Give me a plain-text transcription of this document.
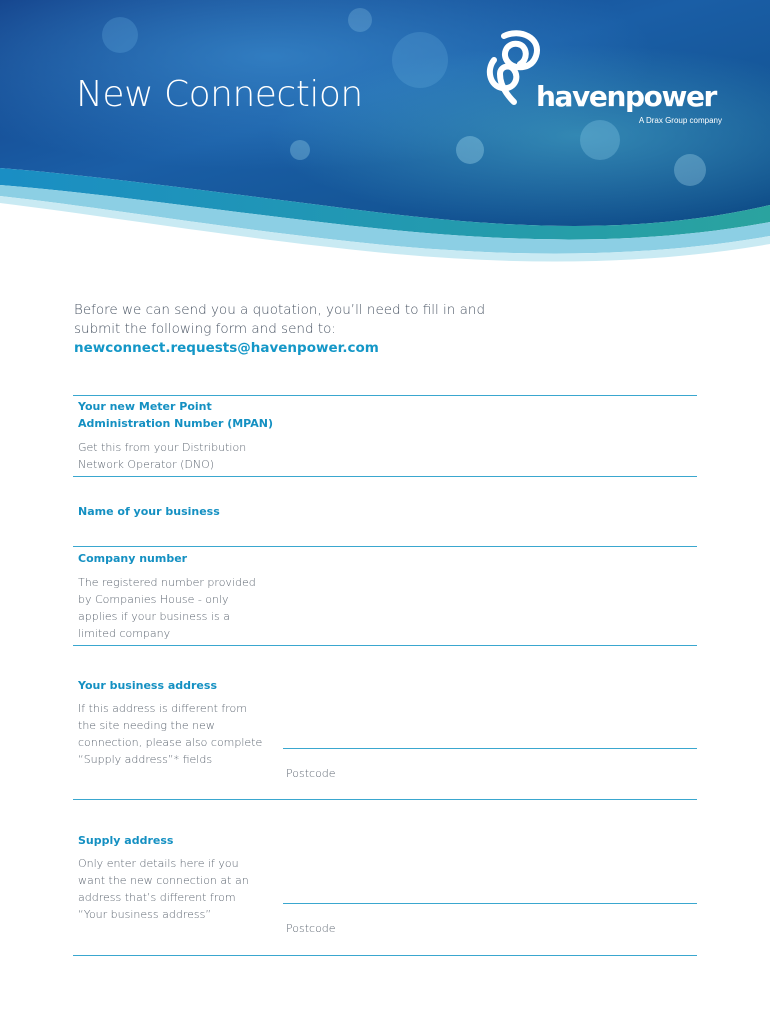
New Connection	havenpower
A Drax Group company

Before we can send you a quotation, you’ll need to fill in and

submit the following form and send to:

newconnect.requests@havenpower.com

Your new Meter Point Administration Number (MPAN)
Get this from your Distribution Network Operator (DNO)
Name of your business
Company number
The registered number provided by Companies House - only applies if your business is a limited company
Your business address
If this address is different from the site needing the new connection, please also complete “Supply address”* fields
Postcode
Supply address
Only enter details here if you want the new connection at an address that’s different from “Your business address”
Postcode
